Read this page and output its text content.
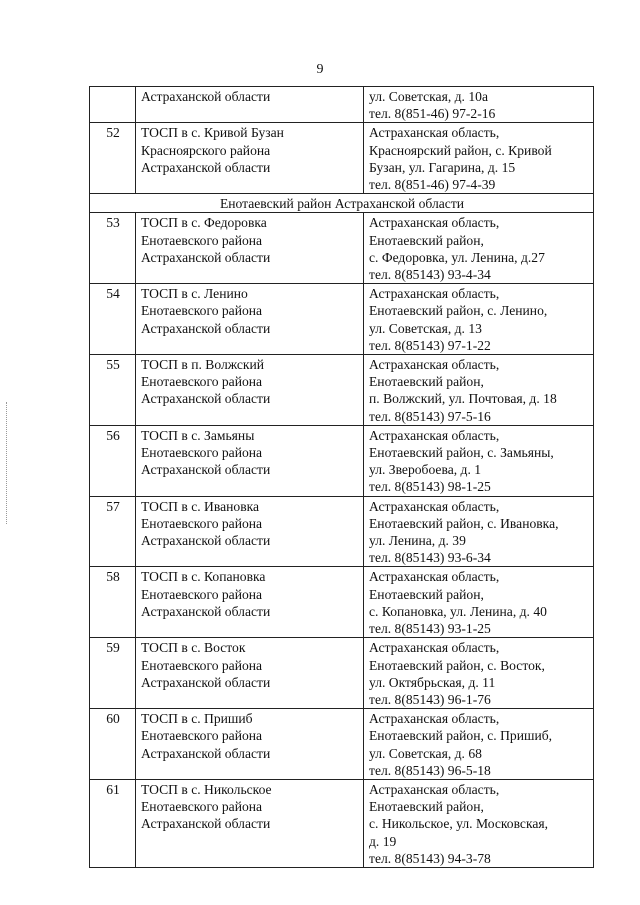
9
	Астраханской области	ул. Советская, д. 10а
тел. 8(851-46) 97-2-16
52	ТОСП в с. Кривой Бузан
Красноярского района
Астраханской области	Астраханская область,
Красноярский район, с. Кривой
Бузан, ул. Гагарина, д. 15
тел. 8(851-46) 97-4-39
Енотаевский район Астраханской области		
53	ТОСП в с. Федоровка
Енотаевского района
Астраханской области	Астраханская область,
Енотаевский район,
с. Федоровка, ул. Ленина, д.27
тел. 8(85143) 93-4-34
54	ТОСП в с. Ленино
Енотаевского района
Астраханской области	Астраханская область,
Енотаевский район, с. Ленино,
ул. Советская, д. 13
тел. 8(85143) 97-1-22
55	ТОСП в п. Волжский
Енотаевского района
Астраханской области	Астраханская область,
Енотаевский район,
п. Волжский, ул. Почтовая, д. 18
тел. 8(85143) 97-5-16
56	ТОСП в с. Замьяны
Енотаевского района
Астраханской области	Астраханская область,
Енотаевский район, с. Замьяны,
ул. Зверобоева, д. 1
тел. 8(85143) 98-1-25
57	ТОСП в с. Ивановка
Енотаевского района
Астраханской области	Астраханская область,
Енотаевский район, с. Ивановка,
ул. Ленина, д. 39
тел. 8(85143) 93-6-34
58	ТОСП в с. Копановка
Енотаевского района
Астраханской области	Астраханская область,
Енотаевский район,
с. Копановка, ул. Ленина, д. 40
тел. 8(85143) 93-1-25
59	ТОСП в с. Восток
Енотаевского района
Астраханской области	Астраханская область,
Енотаевский район, с. Восток,
ул. Октябрьская, д. 11
тел. 8(85143) 96-1-76
60	ТОСП в с. Пришиб
Енотаевского района
Астраханской области	Астраханская область,
Енотаевский район, с. Пришиб,
ул. Советская, д. 68
тел. 8(85143) 96-5-18
61	ТОСП в с. Никольское
Енотаевского района
Астраханской области	Астраханская область,
Енотаевский район,
с. Никольское, ул. Московская,
д. 19
тел. 8(85143) 94-3-78
